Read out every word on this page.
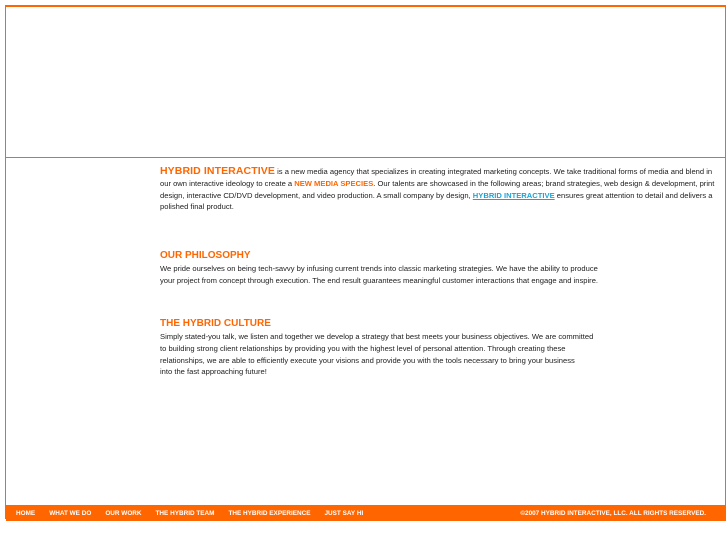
HYBRID INTERACTIVE is a new media agency that specializes in creating integrated marketing concepts. We take traditional forms of media and blend in our own interactive ideology to create a NEW MEDIA SPECIES. Our talents are showcased in the following areas; brand strategies, web design & development, print design, interactive CD/DVD development, and video production. A small company by design, HYBRID INTERACTIVE ensures great attention to detail and delivers a polished final product.

OUR PHILOSOPHY

We pride ourselves on being tech-savvy by infusing current trends into classic marketing strategies. We have the ability to produce

your project from concept through execution. The end result guarantees meaningful customer interactions that engage and inspire.

THE HYBRID CULTURE

Simply stated-you talk, we listen and together we develop a strategy that best meets your business objectives. We are committed

to building strong client relationships by providing you with the highest level of personal attention. Through creating these

relationships, we are able to efficiently execute your visions and provide you with the tools necessary to bring your business

into the fast approaching future!

HOME WHAT WE DO OUR WORK THE HYBRID TEAM THE HYBRID EXPERIENCE JUST SAY HI	©2007 HYBRID INTERACTIVE, LLC. ALL RIGHTS RESERVED.
